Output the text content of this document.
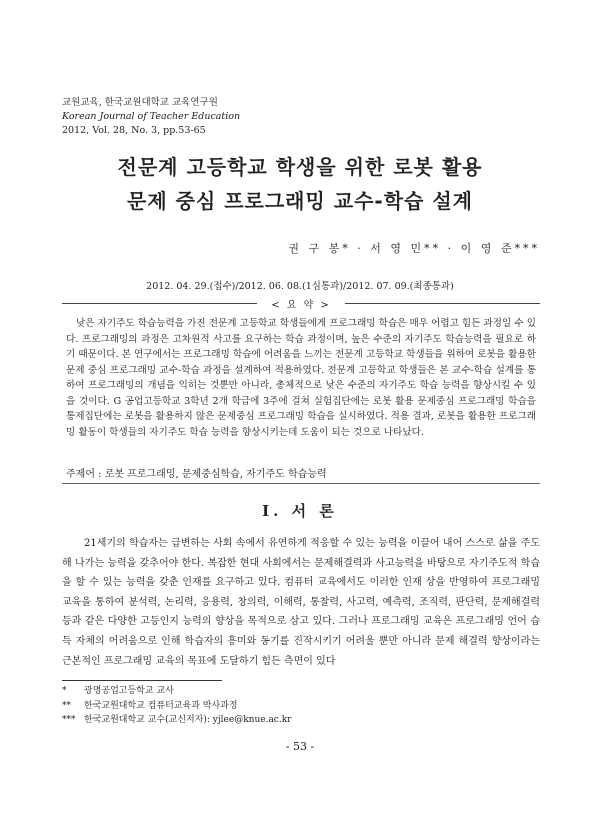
교원교육, 한국교원대학교 교육연구원
Korean Journal of Teacher Education
2012, Vol. 28, No. 3, pp.53-65
전문계 고등학교 학생을 위한 로봇 활용
문제 중심 프로그래밍 교수-학습 설계
권 구 봉* · 서 영 민** · 이 영 준***
2012. 04. 29.(접수)/2012. 06. 08.(1심통과)/2012. 07. 09.(최종통과)
< 요 약 >
낮은 자기주도 학습능력을 가진 전문계 고등학교 학생들에게 프로그래밍 학습은 매우 어렵고 힘든 과정일 수 있다. 프로그래밍의 과정은 고차원적 사고를 요구하는 학습 과정이며, 높은 수준의 자기주도 학습능력을 필요로 하기 때문이다. 본 연구에서는 프로그래밍 학습에 어려움을 느끼는 전문계 고등학교 학생들을 위하여 로봇을 활용한 문제 중심 프로그래밍 교수-학습 과정을 설계하여 적용하였다. 전문계 고등학교 학생들은 본 교수-학습 설계를 통하여 프로그래밍의 개념을 익히는 것뿐만 아니라, 총체적으로 낮은 수준의 자기주도 학습 능력을 향상시킬 수 있을 것이다. G 공업고등학교 3학년 2개 학급에 3주에 걸쳐 실험집단에는 로봇 활용 문제중심 프로그래밍 학습을 통제집단에는 로봇을 활용하지 않은 문제중심 프로그래밍 학습을 실시하였다. 적용 결과, 로봇을 활용한 프로그래밍 활동이 학생들의 자기주도 학습 능력을 향상시키는데 도움이 되는 것으로 나타났다.
주제어 : 로봇 프로그래밍, 문제중심학습, 자기주도 학습능력
Ⅰ. 서 론
21세기의 학습자는 급변하는 사회 속에서 유연하게 적응할 수 있는 능력을 이끌어 내어 스스로 삶을 주도해 나가는 능력을 갖추어야 한다. 복잡한 현대 사회에서는 문제해결력과 사고능력을 바탕으로 자기주도적 학습을 할 수 있는 능력을 갖춘 인재를 요구하고 있다. 컴퓨터 교육에서도 이러한 인재 상을 반영하여 프로그래밍 교육을 통하여 분석력, 논리력, 응용력, 창의력, 이해력, 통찰력, 사고력, 예측력, 조직력, 판단력, 문제해결력 등과 같은 다양한 고등인지 능력의 향상을 목적으로 삼고 있다. 그러나 프로그래밍 교육은 프로그래밍 언어 습득 자체의 어려움으로 인해 학습자의 흥미와 동기를 진작시키기 어려울 뿐만 아니라 문제 해결력 향상이라는 근본적인 프로그래밍 교육의 목표에 도달하기 힘든 측면이 있다
* 광명공업고등학교 교사
** 한국교원대학교 컴퓨터교육과 박사과정
*** 한국교원대학교 교수(교신저자): yjlee@knue.ac.kr
- 53 -
